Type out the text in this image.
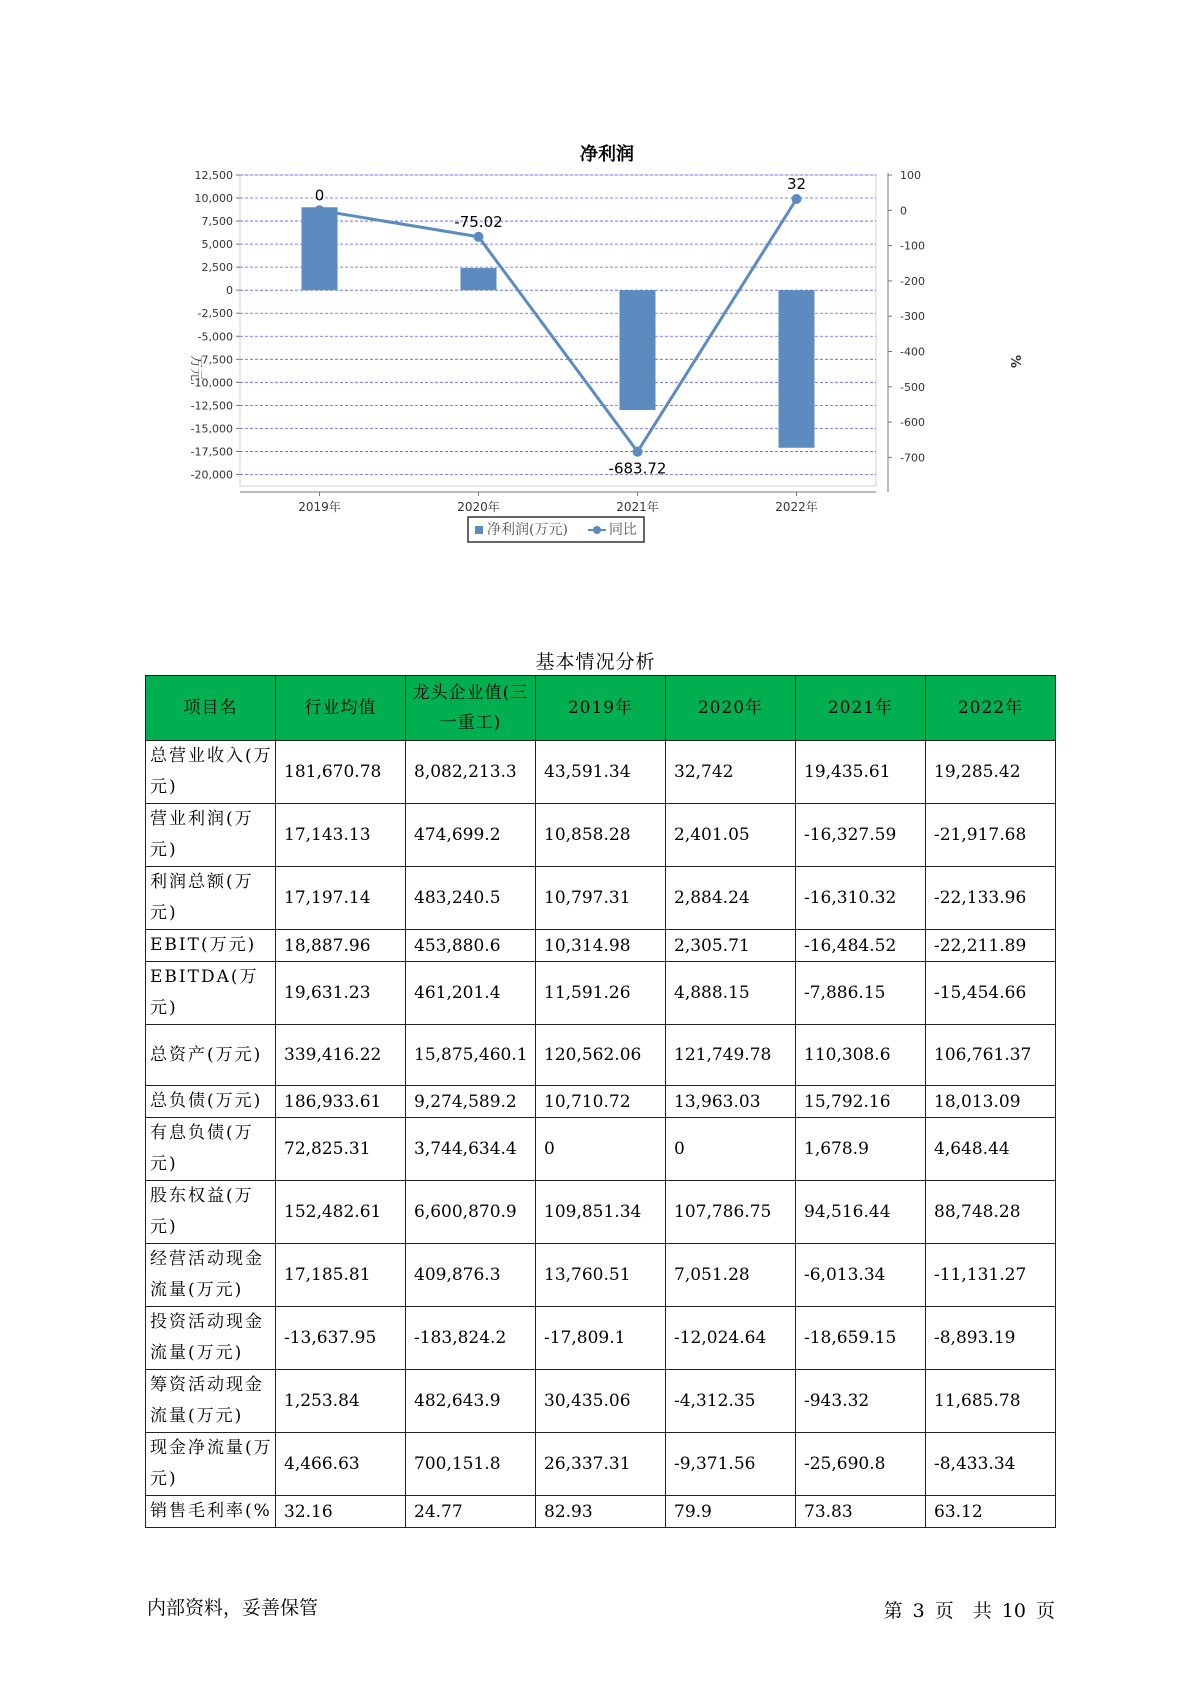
净利润
12,500
10,000
7,500
5,000
2,500
0
-2,500
-5,000
-7,500
-10,000
-12,500
-15,000
-17,500
-20,000
100
0
-100
-200
-300
-400
-500
-600
-700
0
-75.02
-683.72
32
2019年	2020年	2021年	2022年
万元	%
净利润(万元)	同比
基本情况分析
项目名	行业均值	龙头企业值(三一重工)	2019年	2020年	2021年	2022年
总营业收入(万元)	181,670.78	8,082,213.3	43,591.34	32,742	19,435.61	19,285.42
营业利润(万元)	17,143.13	474,699.2	10,858.28	2,401.05	-16,327.59	-21,917.68
利润总额(万元)	17,197.14	483,240.5	10,797.31	2,884.24	-16,310.32	-22,133.96
EBIT(万元)	18,887.96	453,880.6	10,314.98	2,305.71	-16,484.52	-22,211.89
EBITDA(万元)	19,631.23	461,201.4	11,591.26	4,888.15	-7,886.15	-15,454.66
总资产(万元)	339,416.22	15,875,460.1	120,562.06	121,749.78	110,308.6	106,761.37
总负债(万元)	186,933.61	9,274,589.2	10,710.72	13,963.03	15,792.16	18,013.09
有息负债(万元)	72,825.31	3,744,634.4	0	0	1,678.9	4,648.44
股东权益(万元)	152,482.61	6,600,870.9	109,851.34	107,786.75	94,516.44	88,748.28
经营活动现金流量(万元)	17,185.81	409,876.3	13,760.51	7,051.28	-6,013.34	-11,131.27
投资活动现金流量(万元)	-13,637.95	-183,824.2	-17,809.1	-12,024.64	-18,659.15	-8,893.19
筹资活动现金流量(万元)	1,253.84	482,643.9	30,435.06	-4,312.35	-943.32	11,685.78
现金净流量(万元)	4,466.63	700,151.8	26,337.31	-9,371.56	-25,690.8	-8,433.34
销售毛利率(%	32.16	24.77	82.93	79.9	73.83	63.12
内部资料，妥善保管	第 3 页　共 10 页
